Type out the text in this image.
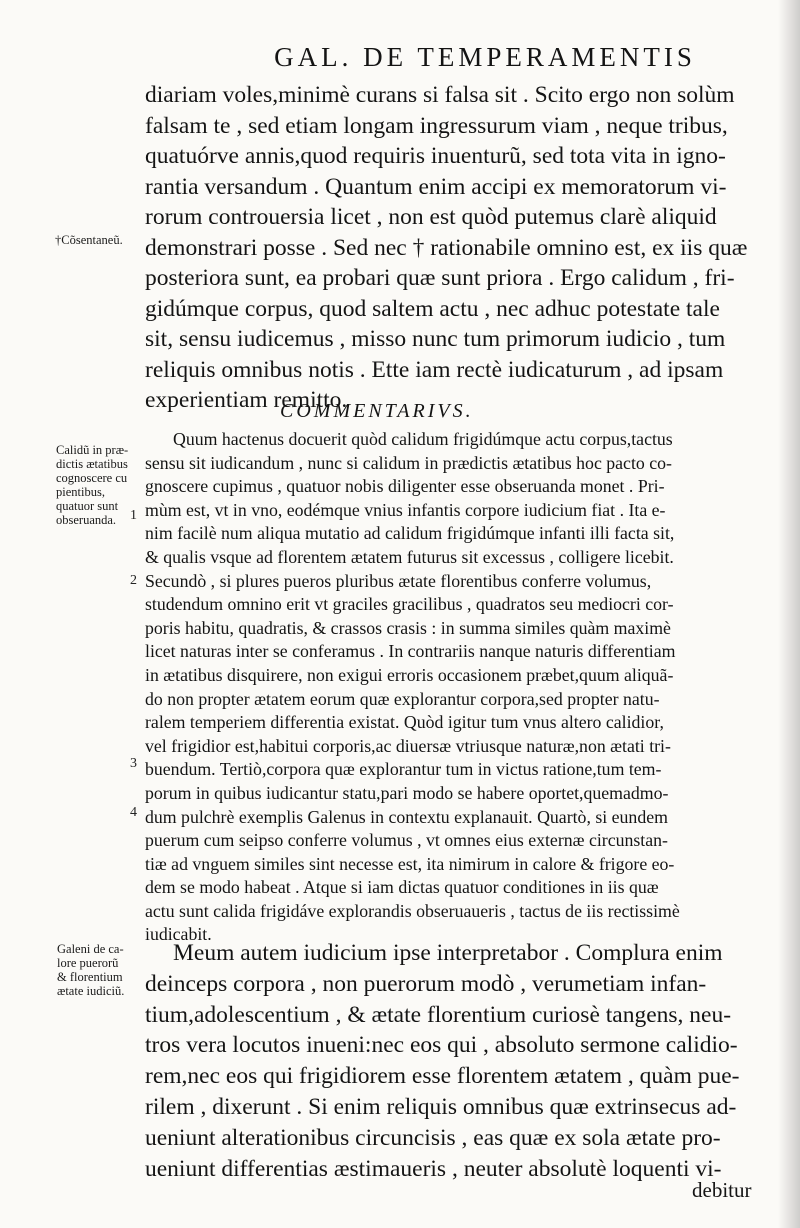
GAL. DE TEMPERAMENTIS
diariam voles,minimè curans si falsa sit . Scito ergo non solùm
falsam te , sed etiam longam ingressurum viam , neque tribus,
quatuórve annis,quod requiris inuenturũ, sed tota vita in igno-
rantia versandum . Quantum enim accipi ex memoratorum vi-
rorum controuersia licet , non est quòd putemus clarè aliquid
demonstrari posse . Sed nec † rationabile omnino est, ex iis quæ
posteriora sunt, ea probari quæ sunt priora . Ergo calidum , fri-
gidúmque corpus, quod saltem actu , nec adhuc potestate tale
sit, sensu iudicemus , misso nunc tum primorum iudicio , tum
reliquis omnibus notis . Ette iam rectè iudicaturum , ad ipsam
experientiam remitto.
COMMENTARIVS.
Quum hactenus docuerit quòd calidum frigidúmque actu corpus,tactus
sensu sit iudicandum , nunc si calidum in prædictis ætatibus hoc pacto co-
gnoscere cupimus , quatuor nobis diligenter esse obseruanda monet . Pri-
mùm est, vt in vno, eodémque vnius infantis corpore iudicium fiat . Ita e-
nim facilè num aliqua mutatio ad calidum frigidúmque infanti illi facta sit,
& qualis vsque ad florentem ætatem futurus sit excessus , colligere licebit.
Secundò , si plures pueros pluribus ætate florentibus conferre volumus,
studendum omnino erit vt graciles gracilibus , quadratos seu mediocri cor-
poris habitu, quadratis, & crassos crasis : in summa similes quàm maximè
licet naturas inter se conferamus . In contrariis nanque naturis differentiam
in ætatibus disquirere, non exigui erroris occasionem præbet,quum aliquã-
do non propter ætatem eorum quæ explorantur corpora,sed propter natu-
ralem temperiem differentia existat. Quòd igitur tum vnus altero calidior,
vel frigidior est,habitui corporis,ac diuersæ vtriusque naturæ,non ætati tri-
buendum. Tertiò,corpora quæ explorantur tum in victus ratione,tum tem-
porum in quibus iudicantur statu,pari modo se habere oportet,quemadmo-
dum pulchrè exemplis Galenus in contextu explanauit. Quartò, si eundem
puerum cum seipso conferre volumus , vt omnes eius externæ circunstan-
tiæ ad vnguem similes sint necesse est, ita nimirum in calore & frigore eo-
dem se modo habeat . Atque si iam dictas quatuor conditiones in iis quæ
actu sunt calida frigidáve explorandis obseruaueris , tactus de iis rectissimè
iudicabit.
Meum autem iudicium ipse interpretabor . Complura enim
deinceps corpora , non puerorum modò , verumetiam infan-
tium,adolescentium , & ætate florentium curiosè tangens, neu-
tros vera locutos inueni:nec eos qui , absoluto sermone calidio-
rem,nec eos qui frigidiorem esse florentem ætatem , quàm pue-
rilem , dixerunt . Si enim reliquis omnibus quæ extrinsecus ad-
ueniunt alterationibus circuncisis , eas quæ ex sola ætate pro-
ueniunt differentias æstimaueris , neuter absolutè loquenti vi-
debitur
†Cõsentaneũ.
Calidũ in præ-
dictis ætatibus
cognoscere cu
pientibus,
quatuor sunt
obseruanda.
Galeni de ca-
lore puerorũ
& florentium
ætate iudiciũ.
1
2
3
4
